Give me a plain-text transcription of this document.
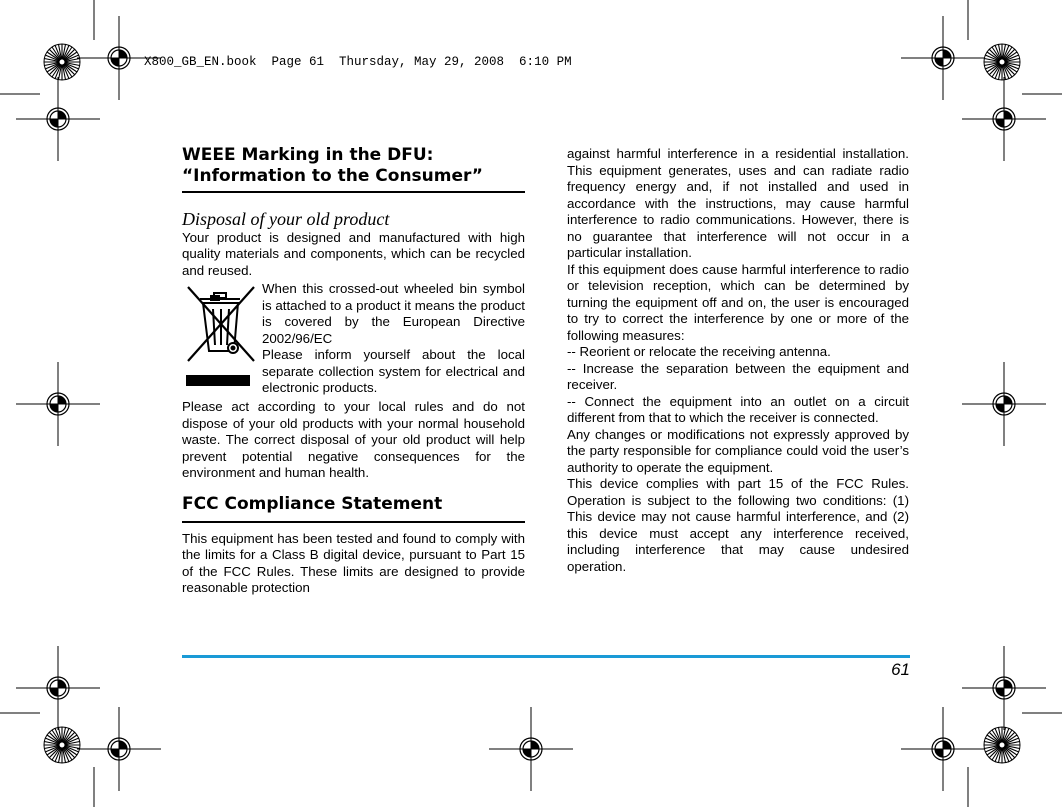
X800_GB_EN.book  Page 61  Thursday, May 29, 2008  6:10 PM
WEEE Marking in the DFU:
“Information to the Consumer”
Disposal of your old product

Your product is designed and manufactured with high quality materials and components, which can be recycled and reused.

When this crossed-out wheeled bin symbol is attached to a product it means the product is covered by the European Directive 2002/96/EC

Please inform yourself about the local separate collection system for electrical and electronic products.

Please act according to your local rules and do not dispose of your old products with your normal household waste. The correct disposal of your old product will help prevent potential negative consequences for the environment and human health.

FCC Compliance Statement

This equipment has been tested and found to comply with the limits for a Class B digital device, pursuant to Part 15 of the FCC Rules. These limits are designed to provide reasonable protection

against harmful interference in a residential installation. This equipment generates, uses and can radiate radio frequency energy and, if not installed and used in accordance with the instructions, may cause harmful interference to radio communications. However, there is no guarantee that interference will not occur in a particular installation.

If this equipment does cause harmful interference to radio or television reception, which can be determined by turning the equipment off and on, the user is encouraged to try to correct the interference by one or more of the following measures:

-- Reorient or relocate the receiving antenna.

-- Increase the separation between the equipment and receiver.

-- Connect the equipment into an outlet on a circuit different from that to which the receiver is connected.

Any changes or modifications not expressly approved by the party responsible for compliance could void the user’s authority to operate the equipment.

This device complies with part 15 of the FCC Rules. Operation is subject to the following two conditions: (1) This device may not cause harmful interference, and (2) this device must accept any interference received, including interference that may cause undesired operation.

61
